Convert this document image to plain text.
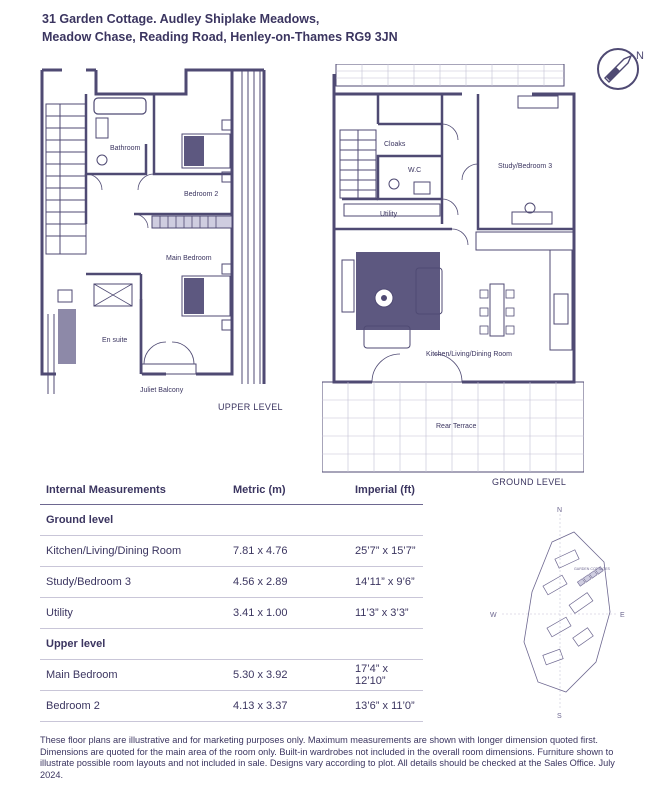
31 Garden Cottage. Audley Shiplake Meadows,
Meadow Chase, Reading Road, Henley-on-Thames RG9 3JN
N
Bathroom
Bedroom 2
Main Bedroom
En suite
Juliet Balcony
UPPER LEVEL
Cloaks
W.C
Utility
Study/Bedroom 3
Kitchen/Living/Dining Room
Rear Terrace
GROUND LEVEL
Internal Measurements	Metric (m)	Imperial (ft)
Ground level		
Kitchen/Living/Dining Room	7.81 x 4.76	25’7” x 15’7”
Study/Bedroom 3	4.56 x 2.89	14’11” x 9’6”
Utility	3.41 x 1.00	11’3” x 3’3”
Upper level		
Main Bedroom	5.30 x 3.92	17’4” x 12’10”
Bedroom 2	4.13 x 3.37	13’6” x 11’0”
N
S
W	E
GARDEN COTTAGES
These floor plans are illustrative and for marketing purposes only. Maximum measurements are shown with longer dimension quoted first. Dimensions are quoted for the main area of the room only. Built-in wardrobes not included in the overall room dimensions. Furniture shown to illustrate possible room layouts and not included in sale. Designs vary according to plot. All details should be checked at the Sales Office. July 2024.
